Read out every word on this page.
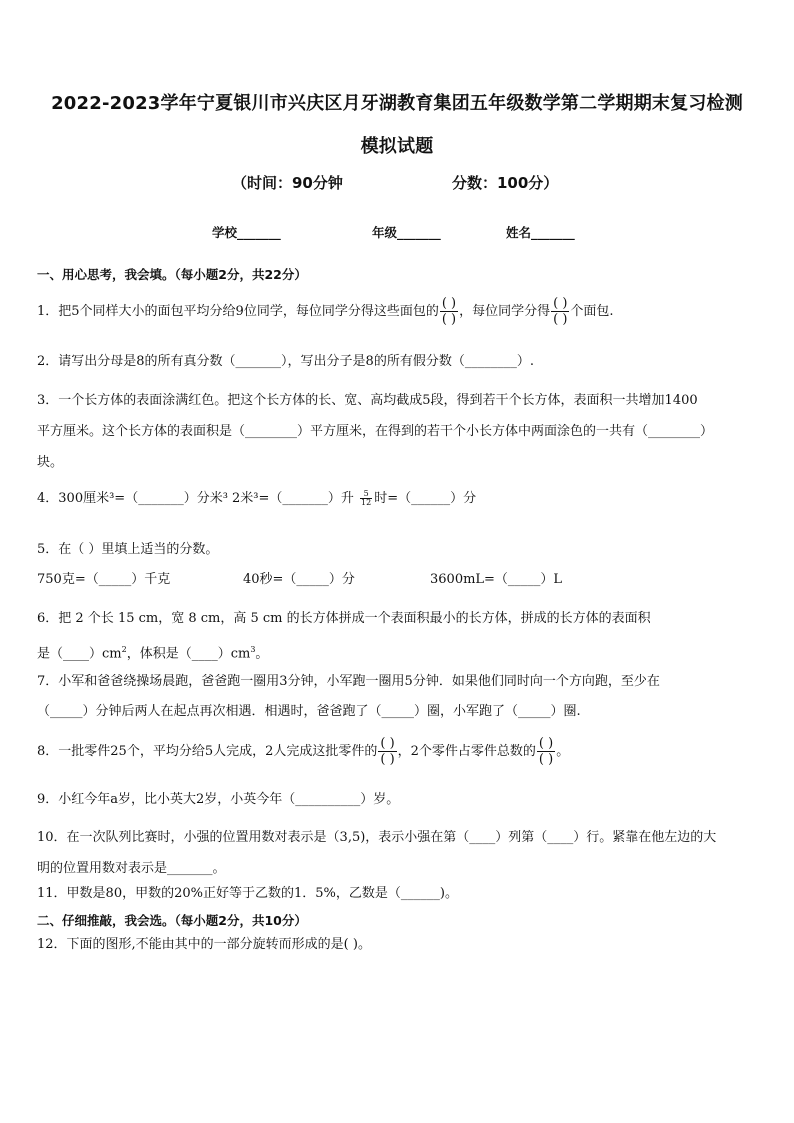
2022-2023学年宁夏银川市兴庆区月牙湖教育集团五年级数学第二学期期末复习检测
模拟试题
（时间：90分钟	分数：100分）
学校_______	年级_______	姓名_______
一、用心思考，我会填。（每小题2分，共22分）
1．把5个同样大小的面包平均分给9位同学，每位同学分得这些面包的 $\frac{( )}{( )}$ ，每位同学分得 $\frac{( )}{( )}$ 个面包.
2．请写出分母是8的所有真分数（_______），写出分子是8的所有假分数（________）.
3．一个长方体的表面涂满红色。把这个长方体的长、宽、高均截成5段，得到若干个长方体，表面积一共增加1400
平方厘米。这个长方体的表面积是（________）平方厘米，在得到的若干个小长方体中两面涂色的一共有（________）
块。
4．300厘米³=（_______）分米³ 2米³=（_______）升 $\frac{5}{12}$ 时=（______）分
5．在（ ）里填上适当的分数。
750克=（_____）千克	40秒=（_____）分	3600mL=（_____）L
6．把 2 个长 15 cm，宽 8 cm，高 5 cm 的长方体拼成一个表面积最小的长方体，拼成的长方体的表面积
是$(\_\_\_\_)cm^2$，体积是$(\_\_\_\_)cm^3$。
7．小军和爸爸绕操场晨跑，爸爸跑一圈用3分钟，小军跑一圈用5分钟．如果他们同时向一个方向跑，至少在
（_____）分钟后两人在起点再次相遇．相遇时，爸爸跑了（_____）圈，小军跑了（_____）圈.
8．一批零件25个，平均分给5人完成，2人完成这批零件的 $\frac{( )}{( )}$ ，2个零件占零件总数的 $\frac{( )}{( )}$ 。
9．小红今年a岁，比小英大2岁，小英今年（__________）岁。
10．在一次队列比赛时，小强的位置用数对表示是（3,5)，表示小强在第（____）列第（____）行。紧靠在他左边的大
明的位置用数对表示是_______。
11．甲数是80，甲数的20%正好等于乙数的1．5%，乙数是（______)。
二、仔细推敲，我会选。（每小题2分，共10分）
12．下面的图形,不能由其中的一部分旋转而形成的是( )。
